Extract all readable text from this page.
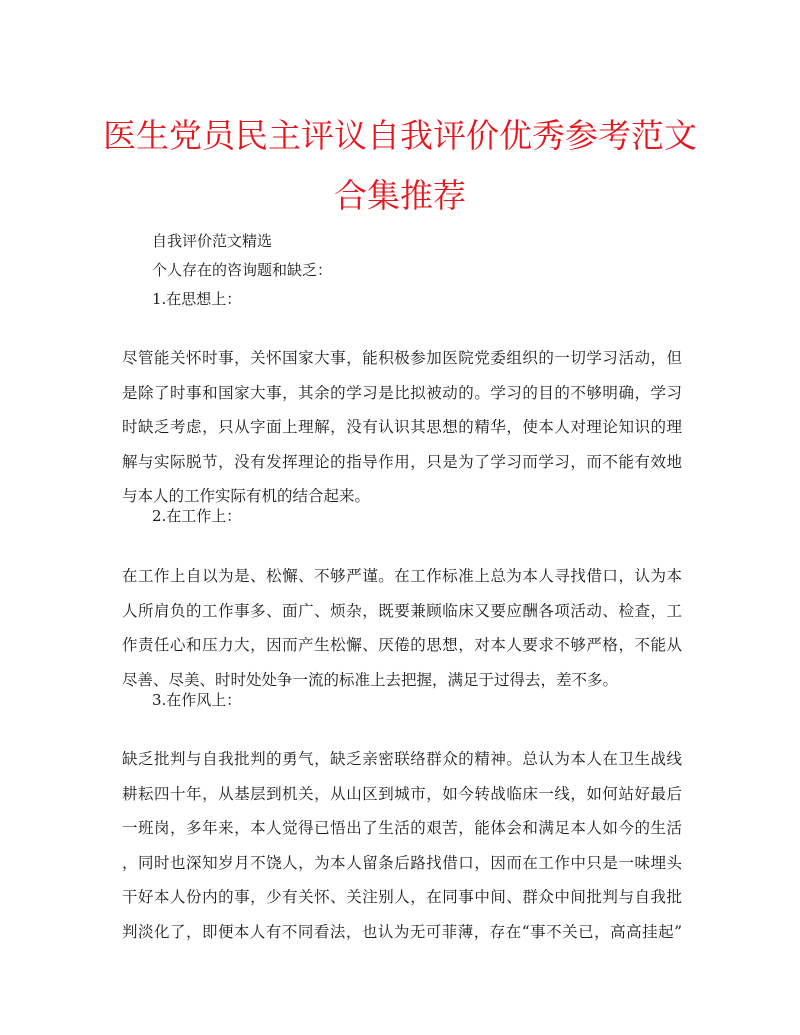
医生党员民主评议自我评价优秀参考范文
合集推荐
自我评价范文精选
个人存在的咨询题和缺乏：
1.在思想上：
尽管能关怀时事，关怀国家大事，能积极参加医院党委组织的一切学习活动，但
是除了时事和国家大事，其余的学习是比拟被动的。学习的目的不够明确，学习
时缺乏考虑，只从字面上理解，没有认识其思想的精华，使本人对理论知识的理
解与实际脱节，没有发挥理论的指导作用，只是为了学习而学习，而不能有效地
与本人的工作实际有机的结合起来。
2.在工作上：
在工作上自以为是、松懈、不够严谨。在工作标准上总为本人寻找借口，认为本
人所肩负的工作事多、面广、烦杂，既要兼顾临床又要应酬各项活动、检查，工
作责任心和压力大，因而产生松懈、厌倦的思想，对本人要求不够严格，不能从
尽善、尽美、时时处处争一流的标准上去把握，满足于过得去，差不多。
3.在作风上：
缺乏批判与自我批判的勇气，缺乏亲密联络群众的精神。总认为本人在卫生战线
耕耘四十年，从基层到机关，从山区到城市，如今转战临床一线，如何站好最后
一班岗，多年来，本人觉得已悟出了生活的艰苦，能体会和满足本人如今的生活
，同时也深知岁月不饶人，为本人留条后路找借口，因而在工作中只是一味埋头
干好本人份内的事，少有关怀、关注别人，在同事中间、群众中间批判与自我批
判淡化了，即便本人有不同看法，也认为无可菲薄，存在“事不关已，高高挂起”
